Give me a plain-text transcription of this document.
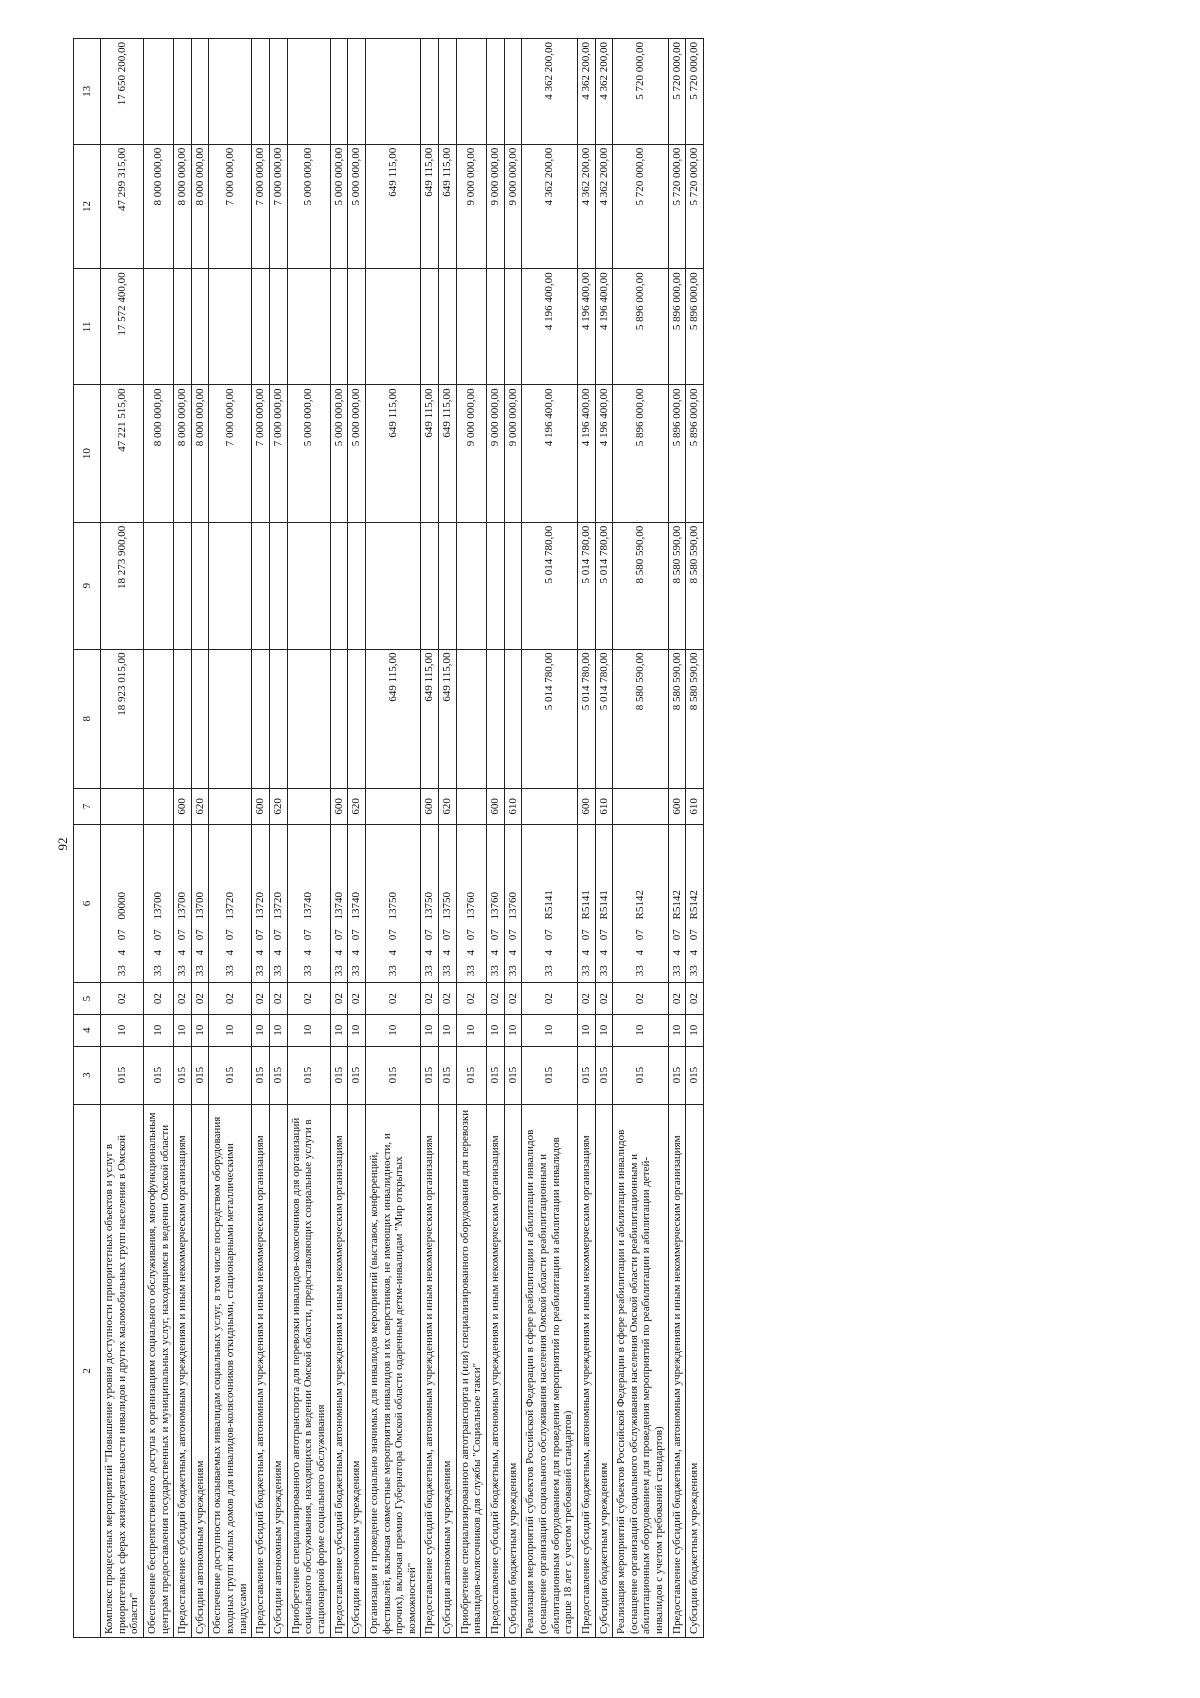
92
2	3	4	5	6	7	8	9	10	11	12	13
Комплекс процессных мероприятий "Повышение уровня доступности приоритетных объектов и услуг в приоритетных сферах жизнедеятельности инвалидов и других маломобильных групп населения в Омской области"	015	10	02	33 4 07 00000		18 923 015,00	18 273 900,00	47 221 515,00	17 572 400,00	47 299 315,00	17 650 200,00
Обеспечение беспрепятственного доступа к организациям социального обслуживания, многофункциональным центрам предоставления государственных и муниципальных услуг, находящимся в ведении Омской области	015	10	02	33 4 07 13700				8 000 000,00		8 000 000,00	
Предоставление субсидий бюджетным, автономным учреждениям и иным некоммерческим организациям	015	10	02	33 4 07 13700	600			8 000 000,00		8 000 000,00	
Субсидии автономным учреждениям	015	10	02	33 4 07 13700	620			8 000 000,00		8 000 000,00	
Обеспечение доступности оказываемых инвалидам социальных услуг, в том числе посредством оборудования входных групп жилых домов для инвалидов-колясочников откидными, стационарными металлическими пандусами	015	10	02	33 4 07 13720				7 000 000,00		7 000 000,00	
Предоставление субсидий бюджетным, автономным учреждениям и иным некоммерческим организациям	015	10	02	33 4 07 13720	600			7 000 000,00		7 000 000,00	
Субсидии автономным учреждениям	015	10	02	33 4 07 13720	620			7 000 000,00		7 000 000,00	
Приобретение специализированного автотранспорта для перевозки инвалидов-колясочников для организаций социального обслуживания, находящихся в ведении Омской области, предоставляющих социальные услуги в стационарной форме социального обслуживания	015	10	02	33 4 07 13740				5 000 000,00		5 000 000,00	
Предоставление субсидий бюджетным, автономным учреждениям и иным некоммерческим организациям	015	10	02	33 4 07 13740	600			5 000 000,00		5 000 000,00	
Субсидии автономным учреждениям	015	10	02	33 4 07 13740	620			5 000 000,00		5 000 000,00	
Организация и проведение социально значимых для инвалидов мероприятий (выставок, конференций, фестивалей, включая совместные мероприятия инвалидов и их сверстников, не имеющих инвалидности, и прочих), включая премию Губернатора Омской области одаренным детям-инвалидам "Мир открытых возможностей"	015	10	02	33 4 07 13750		649 115,00		649 115,00		649 115,00	
Предоставление субсидий бюджетным, автономным учреждениям и иным некоммерческим организациям	015	10	02	33 4 07 13750	600	649 115,00		649 115,00		649 115,00	
Субсидии автономным учреждениям	015	10	02	33 4 07 13750	620	649 115,00		649 115,00		649 115,00	
Приобретение специализированного автотранспорта и (или) специализированного оборудования для перевозки инвалидов-колясочников для службы "Социальное такси"	015	10	02	33 4 07 13760				9 000 000,00		9 000 000,00	
Предоставление субсидий бюджетным, автономным учреждениям и иным некоммерческим организациям	015	10	02	33 4 07 13760	600			9 000 000,00		9 000 000,00	
Субсидии бюджетным учреждениям	015	10	02	33 4 07 13760	610			9 000 000,00		9 000 000,00	
Реализация мероприятий субъектов Российской Федерации в сфере реабилитации и абилитации инвалидов (оснащение организаций социального обслуживания населения Омской области реабилитационным и абилитационным оборудованием для проведения мероприятий по реабилитации и абилитации инвалидов старше 18 лет с учетом требований стандартов)	015	10	02	33 4 07 R5141		5 014 780,00	5 014 780,00	4 196 400,00	4 196 400,00	4 362 200,00	4 362 200,00
Предоставление субсидий бюджетным, автономным учреждениям и иным некоммерческим организациям	015	10	02	33 4 07 R5141	600	5 014 780,00	5 014 780,00	4 196 400,00	4 196 400,00	4 362 200,00	4 362 200,00
Субсидии бюджетным учреждениям	015	10	02	33 4 07 R5141	610	5 014 780,00	5 014 780,00	4 196 400,00	4 196 400,00	4 362 200,00	4 362 200,00
Реализация мероприятий субъектов Российской Федерации в сфере реабилитации и абилитации инвалидов (оснащение организаций социального обслуживания населения Омской области реабилитационным и абилитационным оборудованием для проведения мероприятий по реабилитации и абилитации детей-инвалидов с учетом требований стандартов)	015	10	02	33 4 07 R5142		8 580 590,00	8 580 590,00	5 896 000,00	5 896 000,00	5 720 000,00	5 720 000,00
Предоставление субсидий бюджетным, автономным учреждениям и иным некоммерческим организациям	015	10	02	33 4 07 R5142	600	8 580 590,00	8 580 590,00	5 896 000,00	5 896 000,00	5 720 000,00	5 720 000,00
Субсидии бюджетным учреждениям	015	10	02	33 4 07 R5142	610	8 580 590,00	8 580 590,00	5 896 000,00	5 896 000,00	5 720 000,00	5 720 000,00
